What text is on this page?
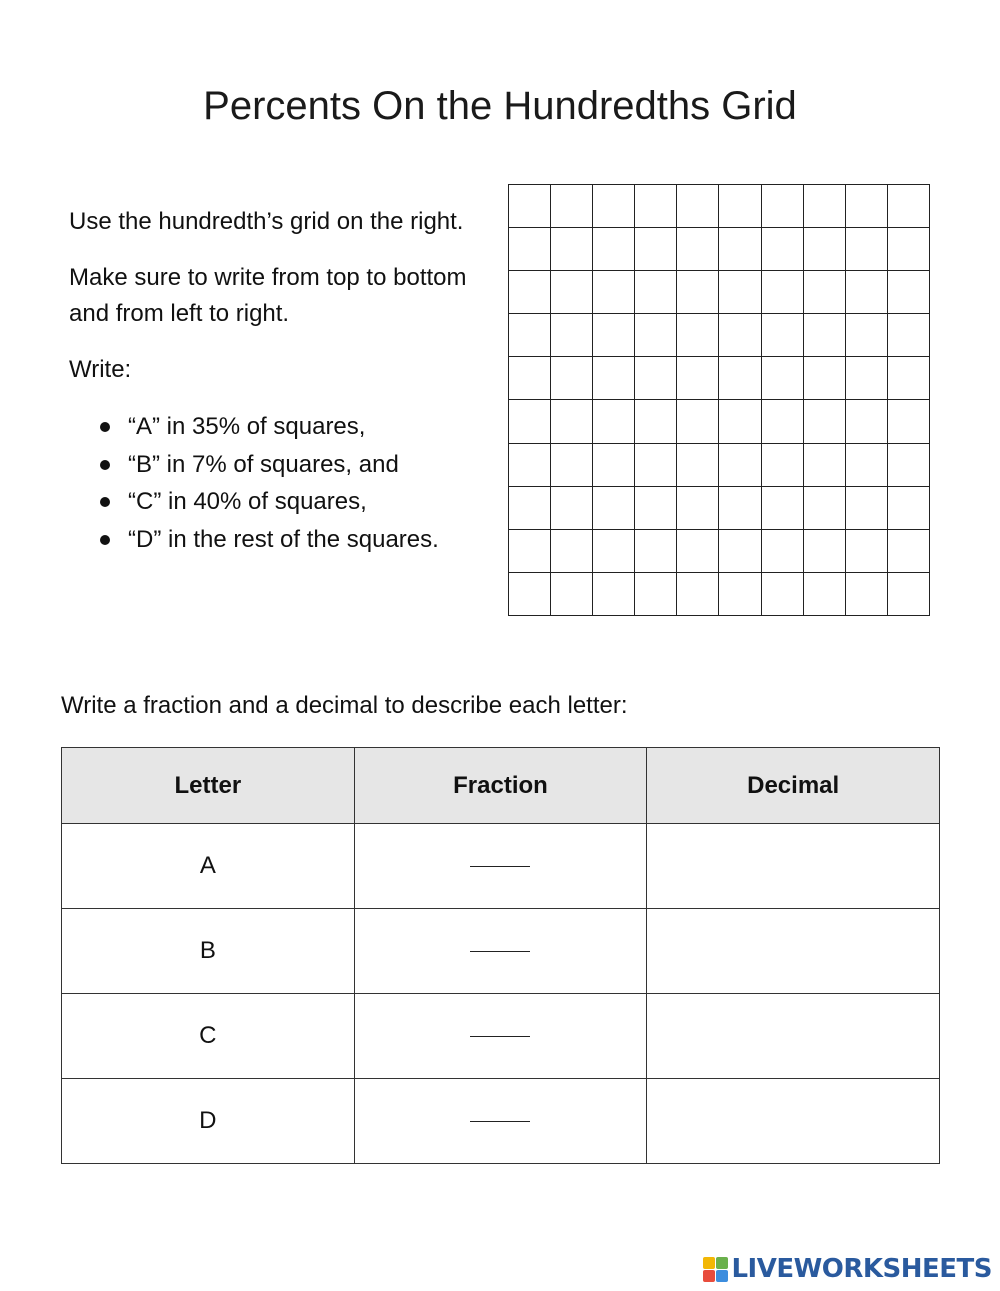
Percents On the Hundredths Grid

Use the hundredth’s grid on the right.

Make sure to write from top to bottom and from left to right.

Write:

“A” in 35% of squares,
“B” in 7% of squares, and
“C” in 40% of squares,
“D” in the rest of the squares.
Write a fraction and a decimal to describe each letter:
Letter	Fraction	Decimal
A		
B		
C		
D		
LIVEWORKSHEETS
